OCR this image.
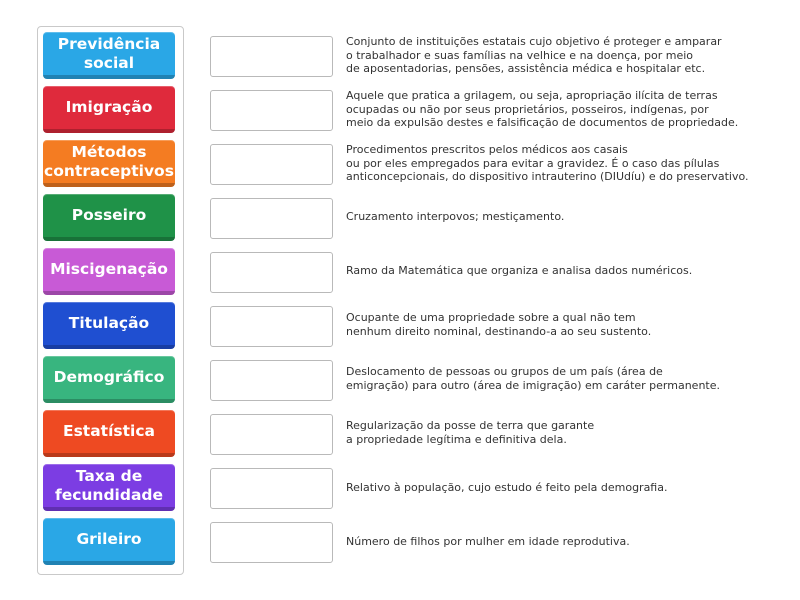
Previdência
social
Imigração
Métodos
contraceptivos
Posseiro
Miscigenação
Titulação
Demográfico
Estatística
Taxa de
fecundidade
Grileiro
Conjunto de instituições estatais cujo objetivo é proteger e amparar
o trabalhador e suas famílias na velhice e na doença, por meio
de aposentadorias, pensões, assistência médica e hospitalar etc.
Aquele que pratica a grilagem, ou seja, apropriação ilícita de terras
ocupadas ou não por seus proprietários, posseiros, indígenas, por
meio da expulsão destes e falsificação de documentos de propriedade.
Procedimentos prescritos pelos médicos aos casais
ou por eles empregados para evitar a gravidez. É o caso das pílulas
anticoncepcionais, do dispositivo intrauterino (DIUdíu) e do preservativo.
Cruzamento interpovos; mestiçamento.
Ramo da Matemática que organiza e analisa dados numéricos.
Ocupante de uma propriedade sobre a qual não tem
nenhum direito nominal, destinando-a ao seu sustento.
Deslocamento de pessoas ou grupos de um país (área de
emigração) para outro (área de imigração) em caráter permanente.
Regularização da posse de terra que garante
a propriedade legítima e definitiva dela.
Relativo à população, cujo estudo é feito pela demografia.
Número de filhos por mulher em idade reprodutiva.
